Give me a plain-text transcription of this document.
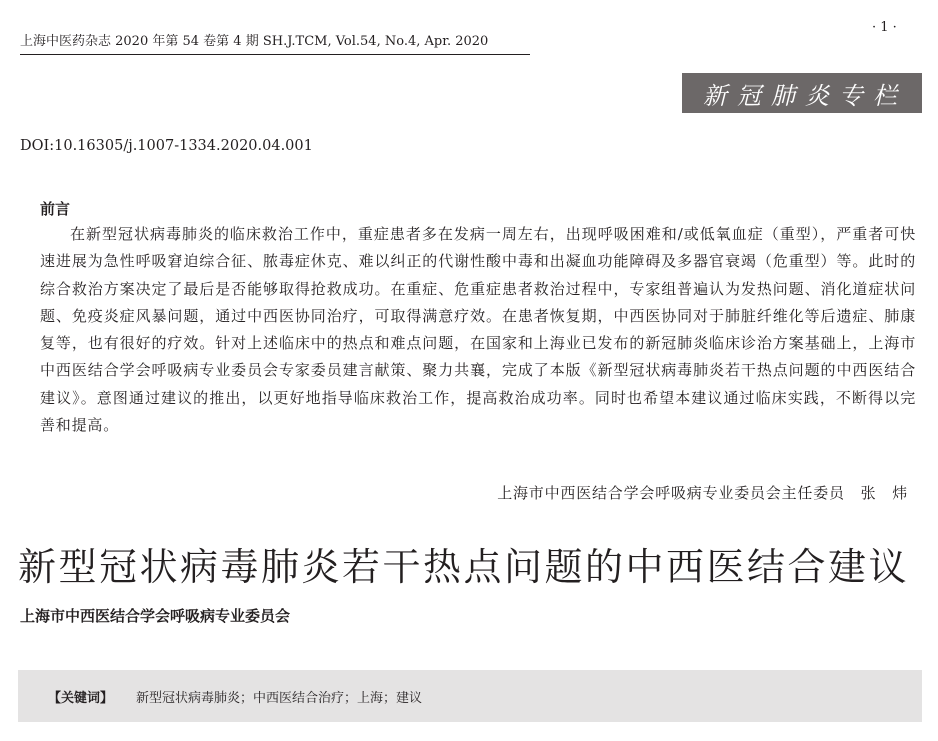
上海中医药杂志 2020 年第 54 卷第 4 期 SH.J.TCM, Vol.54, No.4, Apr. 2020
· 1 ·
新冠肺炎专栏
DOI:10.16305/j.1007-1334.2020.04.001
前言

在新型冠状病毒肺炎的临床救治工作中，重症患者多在发病一周左右，出现呼吸困难和/或低氧血症（重型），严重者可快速进展为急性呼吸窘迫综合征、脓毒症休克、难以纠正的代谢性酸中毒和出凝血功能障碍及多器官衰竭（危重型）等。此时的综合救治方案决定了最后是否能够取得抢救成功。在重症、危重症患者救治过程中，专家组普遍认为发热问题、消化道症状问题、免疫炎症风暴问题，通过中西医协同治疗，可取得满意疗效。在患者恢复期，中西医协同对于肺脏纤维化等后遗症、肺康复等，也有很好的疗效。针对上述临床中的热点和难点问题，在国家和上海业已发布的新冠肺炎临床诊治方案基础上，上海市中西医结合学会呼吸病专业委员会专家委员建言献策、聚力共襄，完成了本版《新型冠状病毒肺炎若干热点问题的中西医结合建议》。意图通过建议的推出，以更好地指导临床救治工作，提高救治成功率。同时也希望本建议通过临床实践，不断得以完善和提高。

上海市中西医结合学会呼吸病专业委员会主任委员　张　炜
新型冠状病毒肺炎若干热点问题的中西医结合建议
上海市中西医结合学会呼吸病专业委员会
【关键词】 新型冠状病毒肺炎；中西医结合治疗；上海；建议
